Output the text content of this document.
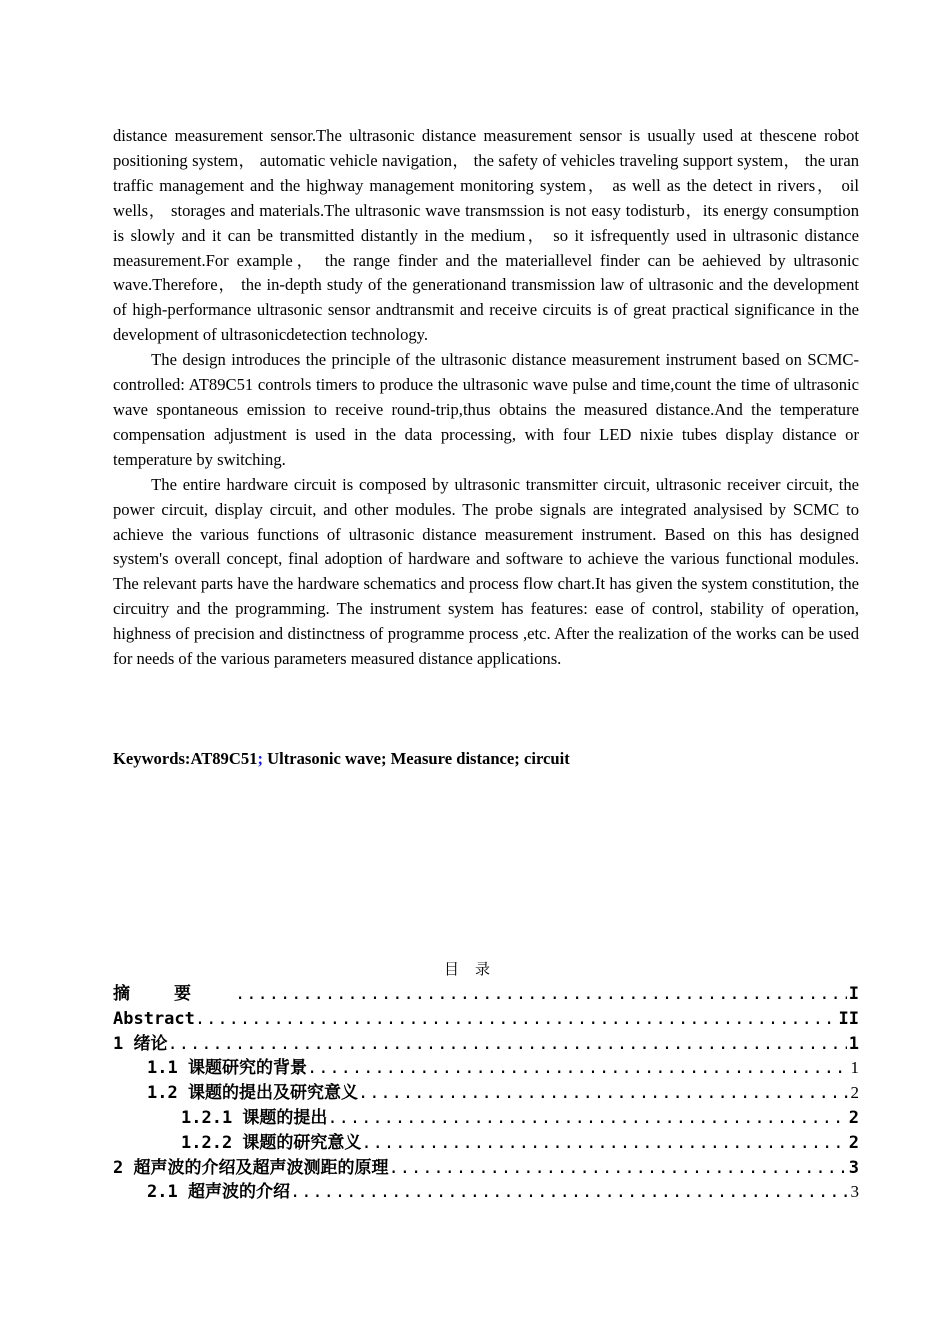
distance measurement sensor.The ultrasonic distance measurement sensor is usually used at thescene robot positioning system， automatic vehicle navigation， the safety of vehicles traveling support system， the uran traffic management and the highway management monitoring system， as well as the detect in rivers， oil wells， storages and materials.The ultrasonic wave transmssion is not easy todisturb，its energy consumption is slowly and it can be transmitted distantly in the medium， so it isfrequently used in ultrasonic distance measurement.For example， the range finder and the materiallevel finder can be aehieved by ultrasonic wave.Therefore， the in-depth study of the generationand transmission law of ultrasonic and the development of high-performance ultrasonic sensor andtransmit and receive circuits is of great practical significance in the development of ultrasonicdetection technology.

The design introduces the principle of the ultrasonic distance measurement instrument based on SCMC-controlled: AT89C51 controls timers to produce the ultrasonic wave pulse and time,count the time of ultrasonic wave spontaneous emission to receive round-trip,thus obtains the measured distance.And the temperature compensation adjustment is used in the data processing, with four LED nixie tubes display distance or temperature by switching.

The entire hardware circuit is composed by ultrasonic transmitter circuit, ultrasonic receiver circuit, the power circuit, display circuit, and other modules. The probe signals are integrated analysised by SCMC to achieve the various functions of ultrasonic distance measurement instrument. Based on this has designed system's overall concept, final adoption of hardware and software to achieve the various functional modules. The relevant parts have the hardware schematics and process flow chart.It has given the system constitution, the circuitry and the programming. The instrument system has features: ease of control, stability of operation, highness of precision and distinctness of programme process ,etc. After the realization of the works can be used for needs of the various parameters measured distance applications.

Keywords:AT89C51; Ultrasonic wave; Measure distance; circuit
目录
摘要 .....	I
Abstract .....	II
1 绪论 .....	1
1.1 课题研究的背景 .....	1
1.2 课题的提出及研究意义 .....	2
1.2.1 课题的提出 .....	2
1.2.2 课题的研究意义 .....	2
2 超声波的介绍及超声波测距的原理 .....	3
2.1 超声波的介绍 .....	3
